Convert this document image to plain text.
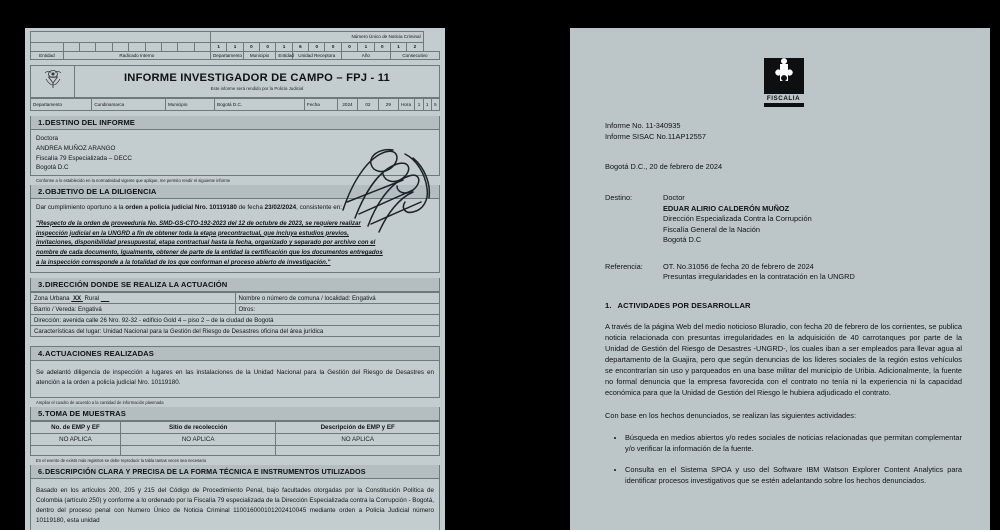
										Número Único de Noticia Criminal												
										1	1	0	0	1	6	0	0	0	1	0	1	2
Entidad	Radicado Interno									Departamento		Municipio		Entidad	Unidad Receptora			Año			Consecutivo	

INFORME INVESTIGADOR DE CAMPO – FPJ - 11
Este informe será rendido por la Policía Judicial
Departamento	Cundinamarca	Municipio	Bogotá D.C.	Fecha	2024	02	29	Hora	1	1	5
1. DESTINO DEL INFORME
Doctora
ANDREA MUÑOZ ARANGO
Fiscalía 79 Especializada – DECC
Bogotá D.C
Conforme a lo establecido en la normatividad vigente que aplique, me permito rendir el siguiente informe
2. OBJETIVO DE LA DILIGENCIA
Dar cumplimiento oportuno a la orden a policía judicial Nro. 10119180 de fecha 23/02/2024, consistente en:
"Respecto de la orden de proveeduría No. SMD-GS-CTO-192-2023 del 12 de octubre de 2023, se requiere realizar
inspección judicial en la UNGRD a fin de obtener toda la etapa precontractual, que incluya estudios previos,
invitaciones, disponibilidad presupuestal, etapa contractual hasta la fecha, organizado y separado por archivo con el
nombre de cada documento, Igualmente, obtener de parte de la entidad la certificación que los documentos entregados
a la inspección corresponde a la totalidad de los que conforman el proceso abierto de investigación."
3. DIRECCIÓN DONDE SE REALIZA LA ACTUACIÓN
Zona Urbana XX Rural	Nombre o número de comuna / localidad: Engativá
Barrio / Vereda: Engativá	Otros:
Dirección: avenida calle 26 Nro. 92-32 - edificio Gold 4 – piso 2 – de la ciudad de Bogotá	
Características del lugar: Unidad Nacional para la Gestión del Riesgo de Desastres oficina del área jurídica	
4. ACTUACIONES REALIZADAS
Se adelantó diligencia de inspección a lugares en las instalaciones de la Unidad Nacional para la Gestión del Riesgo de Desastres en atención a la orden a policía judicial Nro. 10119180.
Ampliar el cuadro de acuerdo a la cantidad de información plasmada
5. TOMA DE MUESTRAS
No. de EMP y EF	Sitio de recolección	Descripción de EMP y EF
NO APLICA	NO APLICA	NO APLICA

En el evento de existir más registros se debe reproducir la tabla tantas veces sea necesario
6. DESCRIPCIÓN CLARA Y PRECISA DE LA FORMA TÉCNICA E INSTRUMENTOS UTILIZADOS
Basado en los artículos 200, 205 y 215 del Código de Procedimiento Penal, bajo facultades otorgadas por la Constitución Política de Colombia (artículo 250) y conforme a lo ordenado por la Fiscalía 79 especializada de la Dirección Especializada contra la Corrupción - Bogotá, dentro del proceso penal con Numero Único de Noticia Criminal 110016000101202410045 mediante orden a Policía Judicial número 10119180, esta unidad
FISCALIA
Informe No. 11-340935
Informe SISAC No.11AP12557
Bogotá D.C., 20 de febrero de 2024
Destino:	Doctor
EDUAR ALIRIO CALDERÓN MUÑOZ
Dirección Especializada Contra la Corrupción
Fiscalía General de la Nación
Bogotá D.C
Referencia:	OT. No.31056 de fecha 20 de febrero de 2024
Presuntas irregularidades en la contratación en la UNGRD
1. ACTIVIDADES POR DESARROLLAR
A través de la página Web del medio noticioso Bluradio, con fecha 20 de febrero de los corrientes, se publica noticia relacionada con presuntas irregularidades en la adquisición de 40 carrotanques por parte de la Unidad de Gestión del Riesgo de Desastres -UNGRD-, los cuales iban a ser empleados para llevar agua al departamento de la Guajira, pero que según denuncias de los líderes sociales de la región estos vehículos se encontrarían sin uso y parqueados en una base militar del municipio de Uribia. Adicionalmente, la fuente no formal denuncia que la empresa favorecida con el contrato no tenía ni la experiencia ni la capacidad económica para que la Unidad de Gestión del Riesgo le hubiera adjudicado el contrato.
Con base en los hechos denunciados, se realizan las siguientes actividades:
• Búsqueda en medios abiertos y/o redes sociales de noticias relacionadas que permitan complementar y/o verificar la información de la fuente.
• Consulta en el Sistema SPOA y uso del Software IBM Watson Explorer Content Analytics para identificar procesos investigativos que se estén adelantando sobre los hechos denunciados.
